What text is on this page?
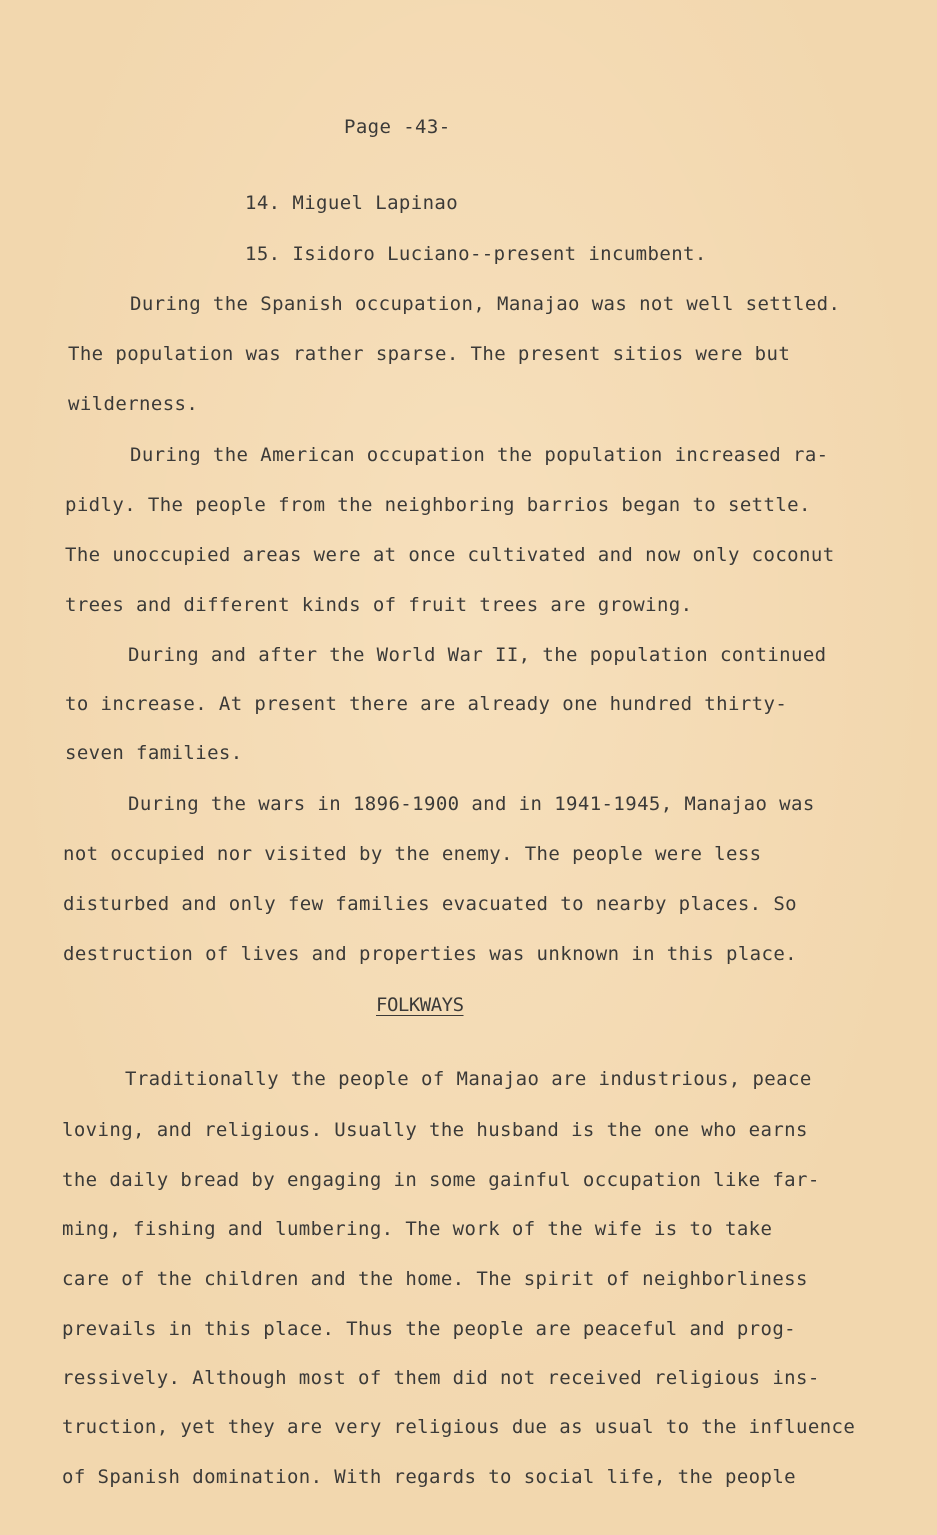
Page -43-
14. Miguel Lapinao
15. Isidoro Luciano--present incumbent.
During the Spanish occupation, Manajao was not well settled.
The population was rather sparse. The present sitios were but
wilderness.
During the American occupation the population increased ra-
pidly. The people from the neighboring barrios began to settle.
The unoccupied areas were at once cultivated and now only coconut
trees and different kinds of fruit trees are growing.
During and after the World War II, the population continued
to increase. At present there are already one hundred thirty-
seven families.
During the wars in 1896-1900 and in 1941-1945, Manajao was
not occupied nor visited by the enemy. The people were less
disturbed and only few families evacuated to nearby places. So
destruction of lives and properties was unknown in this place.
FOLKWAYS
Traditionally the people of Manajao are industrious, peace
loving, and religious. Usually the husband is the one who earns
the daily bread by engaging in some gainful occupation like far-
ming, fishing and lumbering. The work of the wife is to take
care of the children and the home. The spirit of neighborliness
prevails in this place. Thus the people are peaceful and prog-
ressively. Although most of them did not received religious ins-
truction, yet they are very religious due as usual to the influence
of Spanish domination. With regards to social life, the people
